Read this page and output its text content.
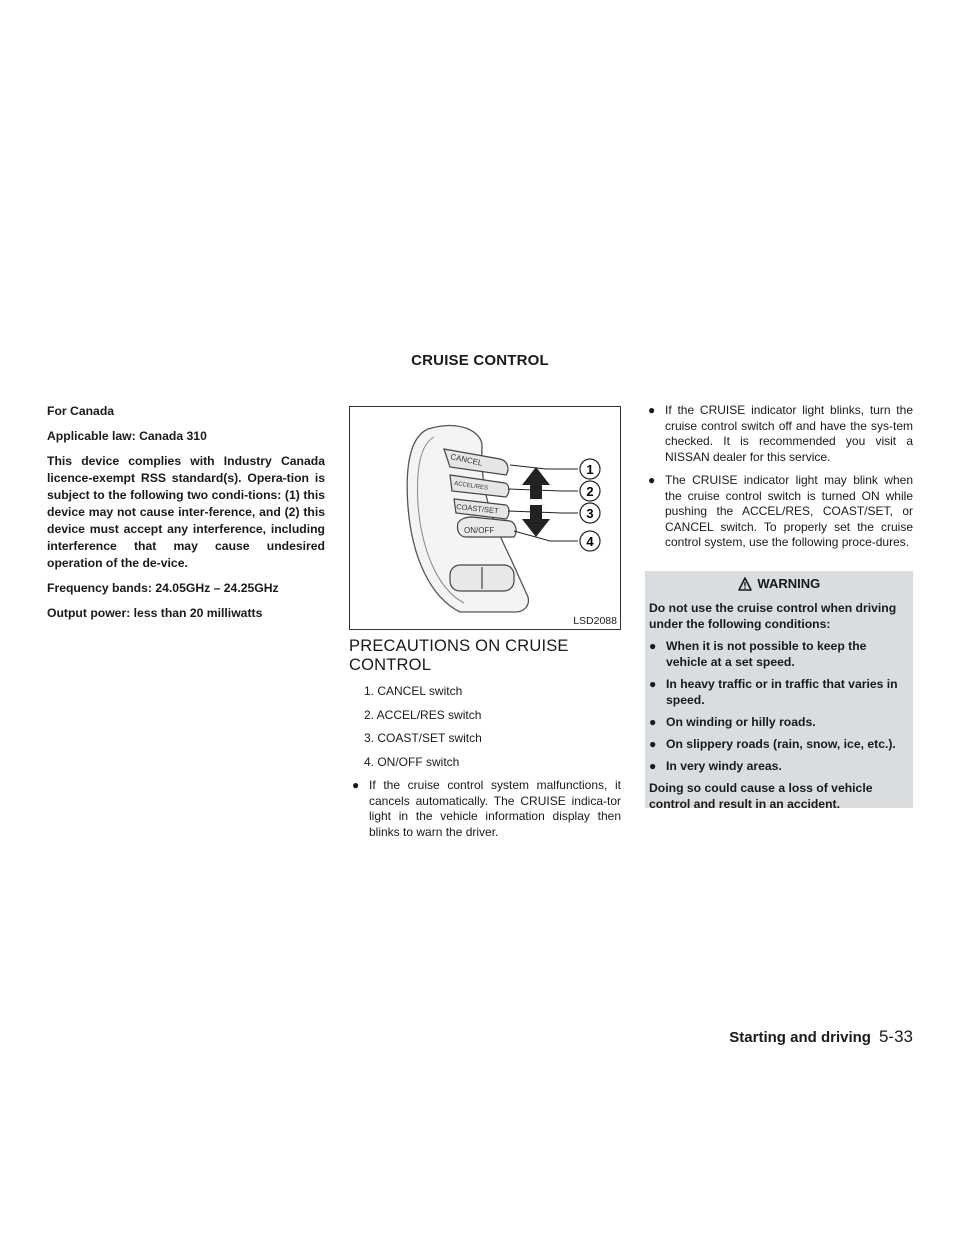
CRUISE CONTROL

For Canada

Applicable law: Canada 310

This device complies with Industry Canada licence-exempt RSS standard(s). Opera-tion is subject to the following two condi-tions: (1) this device may not cause inter-ference, and (2) this device must accept any interference, including interference that may cause undesired operation of the de-vice.

Frequency bands: 24.05GHz – 24.25GHz

Output power: less than 20 milliwatts

CANCEL
ACCEL/RES
COAST/SET
ON/OFF
1
2
3
4
LSD2088
PRECAUTIONS ON CRUISE
CONTROL
1. CANCEL switch
2. ACCEL/RES switch
3. COAST/SET switch
4. ON/OFF switch
● If the cruise control system malfunctions, it cancels automatically. The CRUISE indica-tor light in the vehicle information display then blinks to warn the driver.
● If the CRUISE indicator light blinks, turn the cruise control switch off and have the sys-tem checked. It is recommended you visit a NISSAN dealer for this service.
● The CRUISE indicator light may blink when the cruise control switch is turned ON while pushing the ACCEL/RES, COAST/SET, or CANCEL switch. To properly set the cruise control system, use the following proce-dures.
WARNING

Do not use the cruise control when driving under the following conditions:

● When it is not possible to keep the vehicle at a set speed.
● In heavy traffic or in traffic that varies in speed.
● On winding or hilly roads.
● On slippery roads (rain, snow, ice, etc.).
● In very windy areas.

Doing so could cause a loss of vehicle control and result in an accident.

Starting and driving 5-33
